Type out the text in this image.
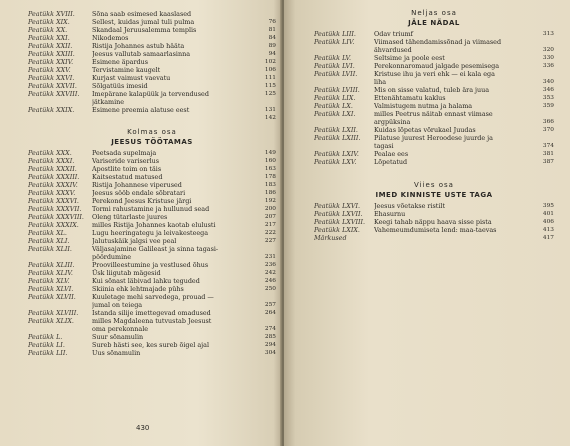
Peatükk XVIII.	Sõna saab esimesed kaaslased
Peatükk XIX.	Sellest, kuidas jumal tuli pulma	76
Peatükk XX.	Skandaal Jeruusalemma templis	81
Peatükk XXI.	Nikodemos	84
Peatükk XXII.	Ristija Johannes astub hääta	89
Peatükk XXIII.	Jeesus vallutab samaarlasinna	94
Peatükk XXIV.	Esimene äpardus	102
Peatükk XXV.	Tervistamine kaugelt	106
Peatükk XXVI.	Kurjast vaimust vaevatu	111
Peatükk XXVII.	Sõlgatüüs imesid	115
Peatükk XXVIII.	Imepärane kalapüük ja tervendused	125
jätkamine
Peatükk XXIX.	Esimene preemia alatuse eest	131
142
Kolmas osa
JEESUS TÖÖTAMAS
Peatükk XXX.	Peetsada supelmaja	149
Peatükk XXXI.	Variseride variserlus	160
Peatükk XXXII.	Apostlite toim on täis	163
Peatükk XXXIII.	Kaitsestatud matused	178
Peatükk XXXIV.	Ristija Johannese viperused	183
Peatükk XXXV.	Jeesus sööb endale sõbratari	186
Peatükk XXXVI.	Perekond Jeesus Kristuse järgi	192
Peatükk XXXVII.	Tormi rahustamine ja hullunud sead	200
Peatükk XXXVIII.	Oleng tütarlaste juures	207
Peatükk XXXIX.	milles Ristija Johannes kaotab elulusti	217
Peatükk XL.	Lugu heeringategu ja leivakesteega	222
Peatükk XLI.	Jalutuskäik jalgsi vee peal	227
Peatükk XLII.	Väljasajamine Galileast ja sinna tagasi-
pöördumine	231
Peatükk XLIII.	Proovilleestumine ja vestlused õhus	236
Peatükk XLIV.	Üsk liigutab mägesid	242
Peatükk XLV.	Kui sõnast läbivad lahku teguded	246
Peatükk XLVI.	Skiinia ehk lehtmajade pühs	250
Peatükk XLVII.	Kuuletage mehi sarvedega, prouad —
jumal on teiega	257
Peatükk XLVIII.	Istanda silije imettegevad omadused	264
Peatükk XLIX.	milles Magdaleena tutvustab Jeesust
oma perekonnale	274
Peatükk L.	Suur sõnamulin	285
Peatükk LI.	Sureb hästi see, kes sureb õigel ajal	294
Peatükk LII.	Uus sõnamulin	304
430
Neljas osa
JÄLE NÄDAL
Peatükk LIII.	Odav triumf	313
Peatükk LIV.	Viimased tähendamissõnad ja viimased
ähvardused	320
Peatükk LV.	Seltsime ja poole eest	330
Peatükk LVI.	Perekonnaromaud jalgade pesemisega	336
Peatükk LVII.	Kristuse ihu ja veri ehk — ei kala ega
liha	340
Peatükk LVIII.	Mis on sisse valatud, tuleb ära juua	346
Peatükk LIX.	Ettenähtamatu kaklus	353
Peatükk LX.	Valmistugem nutma ja halama	359
Peatükk LXI.	milles Peetrus näitab ennast viimase
argpüksina	366
Peatükk LXII.	Kuidas lõpetas võrukael Juudas	370
Peatükk LXIII.	Pilatuse juurest Heroodese juurde ja
tagasi	374
Peatükk LXIV.	Pealae ees	381
Peatükk LXV.	Lõpetatud	387
Viies osa
IMED KINNISTE USTE TAGA
Peatükk LXVI.	Jeesus võetakse ristilt	395
Peatükk LXVII.	Ehasurnu	401
Peatükk LXVIII.	Keegi tahab näppu haava sisse pista	406
Peatükk LXIX.	Vahemeumdumiseta lend: maa-taevas	413
Märkused	417
